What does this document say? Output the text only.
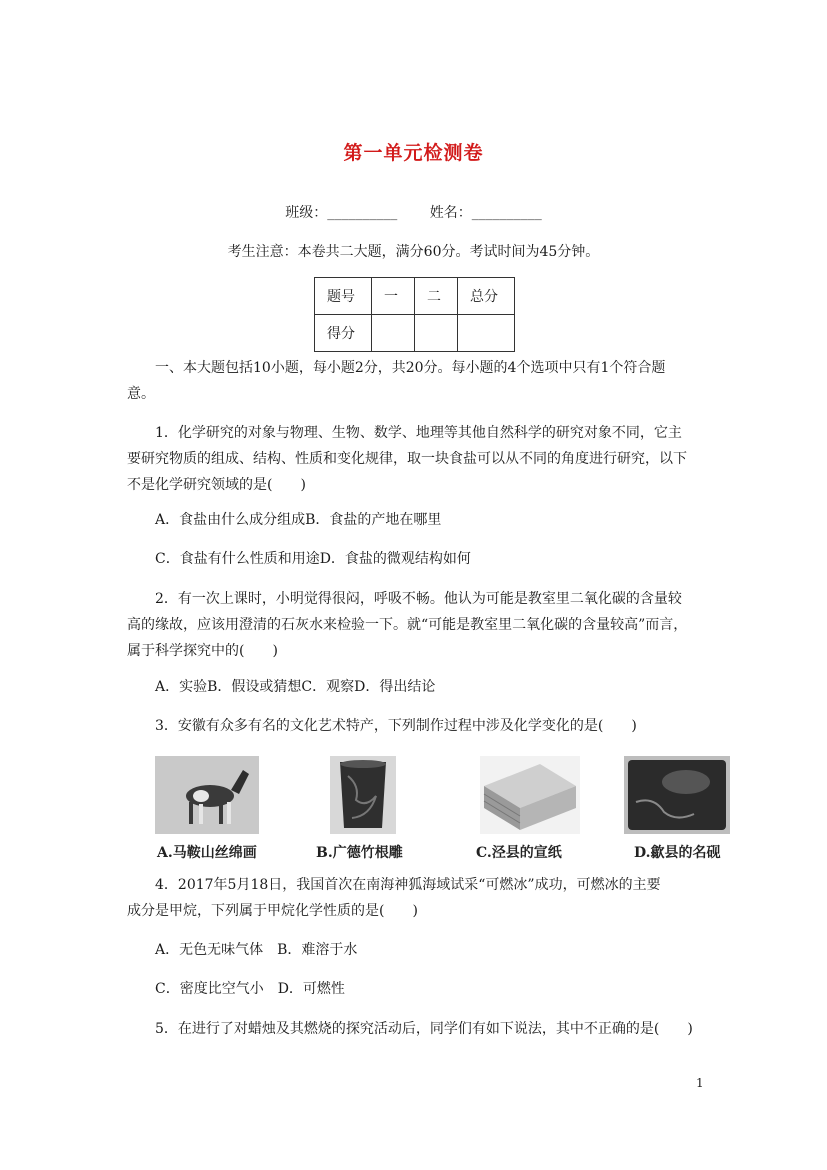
第一单元检测卷
班级：__________ 姓名：__________
考生注意：本卷共二大题，满分60分。考试时间为45分钟。
题号	一	二	总分
得分			
一、本大题包括10小题，每小题2分，共20分。每小题的4个选项中只有1个符合题
意。
1．化学研究的对象与物理、生物、数学、地理等其他自然科学的研究对象不同，它主
要研究物质的组成、结构、性质和变化规律，取一块食盐可以从不同的角度进行研究，以下
不是化学研究领域的是(　　)
A．食盐由什么成分组成B．食盐的产地在哪里
C．食盐有什么性质和用途D．食盐的微观结构如何
2．有一次上课时，小明觉得很闷，呼吸不畅。他认为可能是教室里二氧化碳的含量较
高的缘故，应该用澄清的石灰水来检验一下。就“可能是教室里二氧化碳的含量较高”而言，
属于科学探究中的(　　)
A．实验B．假设或猜想C．观察D．得出结论
3．安徽有众多有名的文化艺术特产，下列制作过程中涉及化学变化的是(　　)
A.马鞍山丝绵画	B.广德竹根雕	C.泾县的宣纸	D.歙县的名砚
4．2017年5月18日，我国首次在南海神狐海域试采“可燃冰”成功，可燃冰的主要
成分是甲烷，下列属于甲烷化学性质的是(　　)
A．无色无味气体　B．难溶于水
C．密度比空气小　D．可燃性
5．在进行了对蜡烛及其燃烧的探究活动后，同学们有如下说法，其中不正确的是(　　)
1
